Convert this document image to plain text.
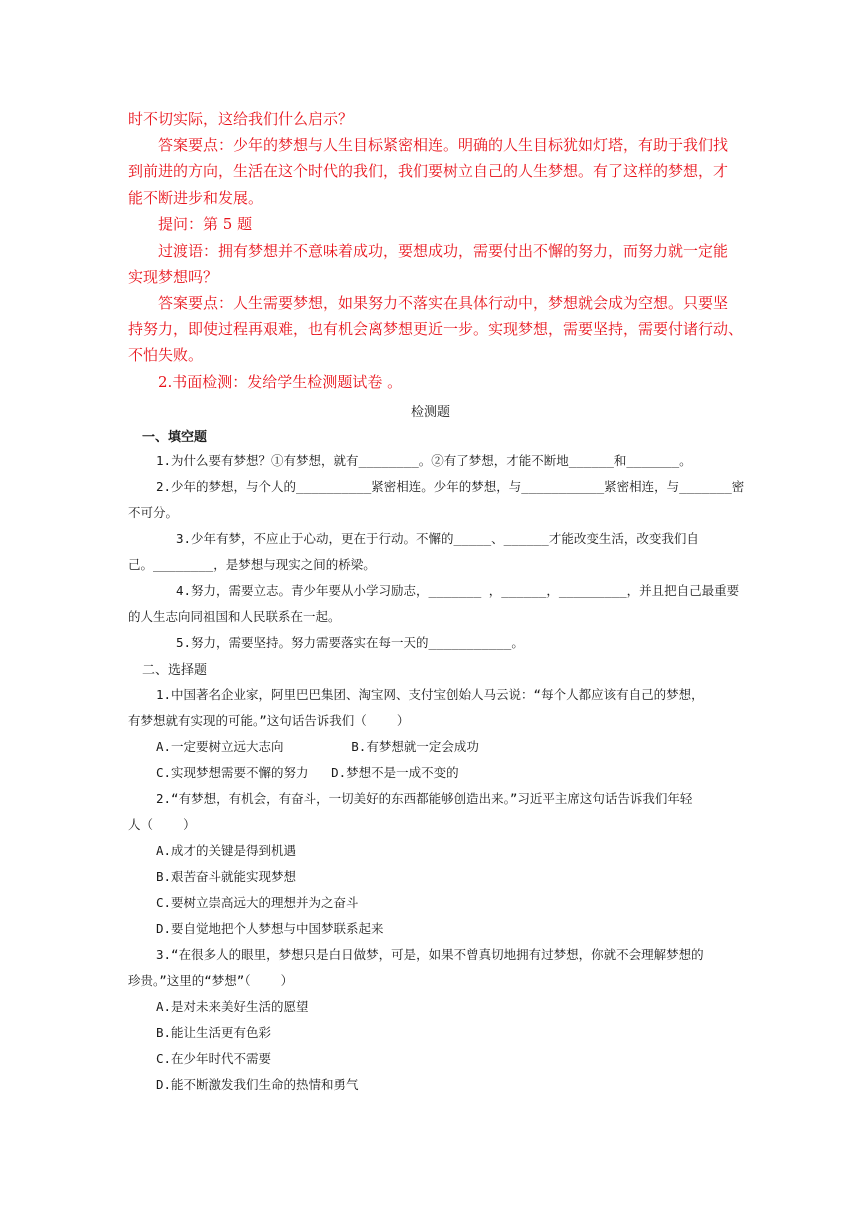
时不切实际，这给我们什么启示？
答案要点：少年的梦想与人生目标紧密相连。明确的人生目标犹如灯塔，有助于我们找
到前进的方向，生活在这个时代的我们，我们要树立自己的人生梦想。有了这样的梦想，才
能不断进步和发展。
提问：第 5 题
过渡语：拥有梦想并不意味着成功，要想成功，需要付出不懈的努力，而努力就一定能
实现梦想吗？
答案要点：人生需要梦想，如果努力不落实在具体行动中，梦想就会成为空想。只要坚
持努力，即使过程再艰难，也有机会离梦想更近一步。实现梦想，需要坚持，需要付诸行动、
不怕失败。
2.书面检测：发给学生检测题试卷 。
检测题
一、填空题
1.为什么要有梦想？①有梦想，就有________。②有了梦想，才能不断地______和_______。
2.少年的梦想，与个人的__________紧密相连。少年的梦想，与___________紧密相连，与_______密
不可分。
3.少年有梦，不应止于心动，更在于行动。不懈的_____、______才能改变生活，改变我们自
己。________，是梦想与现实之间的桥梁。
4.努力，需要立志。青少年要从小学习励志，_______ ，______，_________，并且把自己最重要
的人生志向同祖国和人民联系在一起。
5.努力，需要坚持。努力需要落实在每一天的___________。
二、选择题
1.中国著名企业家，阿里巴巴集团、淘宝网、支付宝创始人马云说：“每个人都应该有自己的梦想，
有梦想就有实现的可能。”这句话告诉我们（    ）
A.一定要树立远大志向         B.有梦想就一定会成功
C.实现梦想需要不懈的努力   D.梦想不是一成不变的
2.“有梦想，有机会，有奋斗，一切美好的东西都能够创造出来。”习近平主席这句话告诉我们年轻
人（    ）
A.成才的关键是得到机遇
B.艰苦奋斗就能实现梦想
C.要树立崇高远大的理想并为之奋斗
D.要自觉地把个人梦想与中国梦联系起来
3.“在很多人的眼里，梦想只是白日做梦，可是，如果不曾真切地拥有过梦想，你就不会理解梦想的
珍贵。”这里的“梦想”（    ）
A.是对未来美好生活的愿望
B.能让生活更有色彩
C.在少年时代不需要
D.能不断激发我们生命的热情和勇气
